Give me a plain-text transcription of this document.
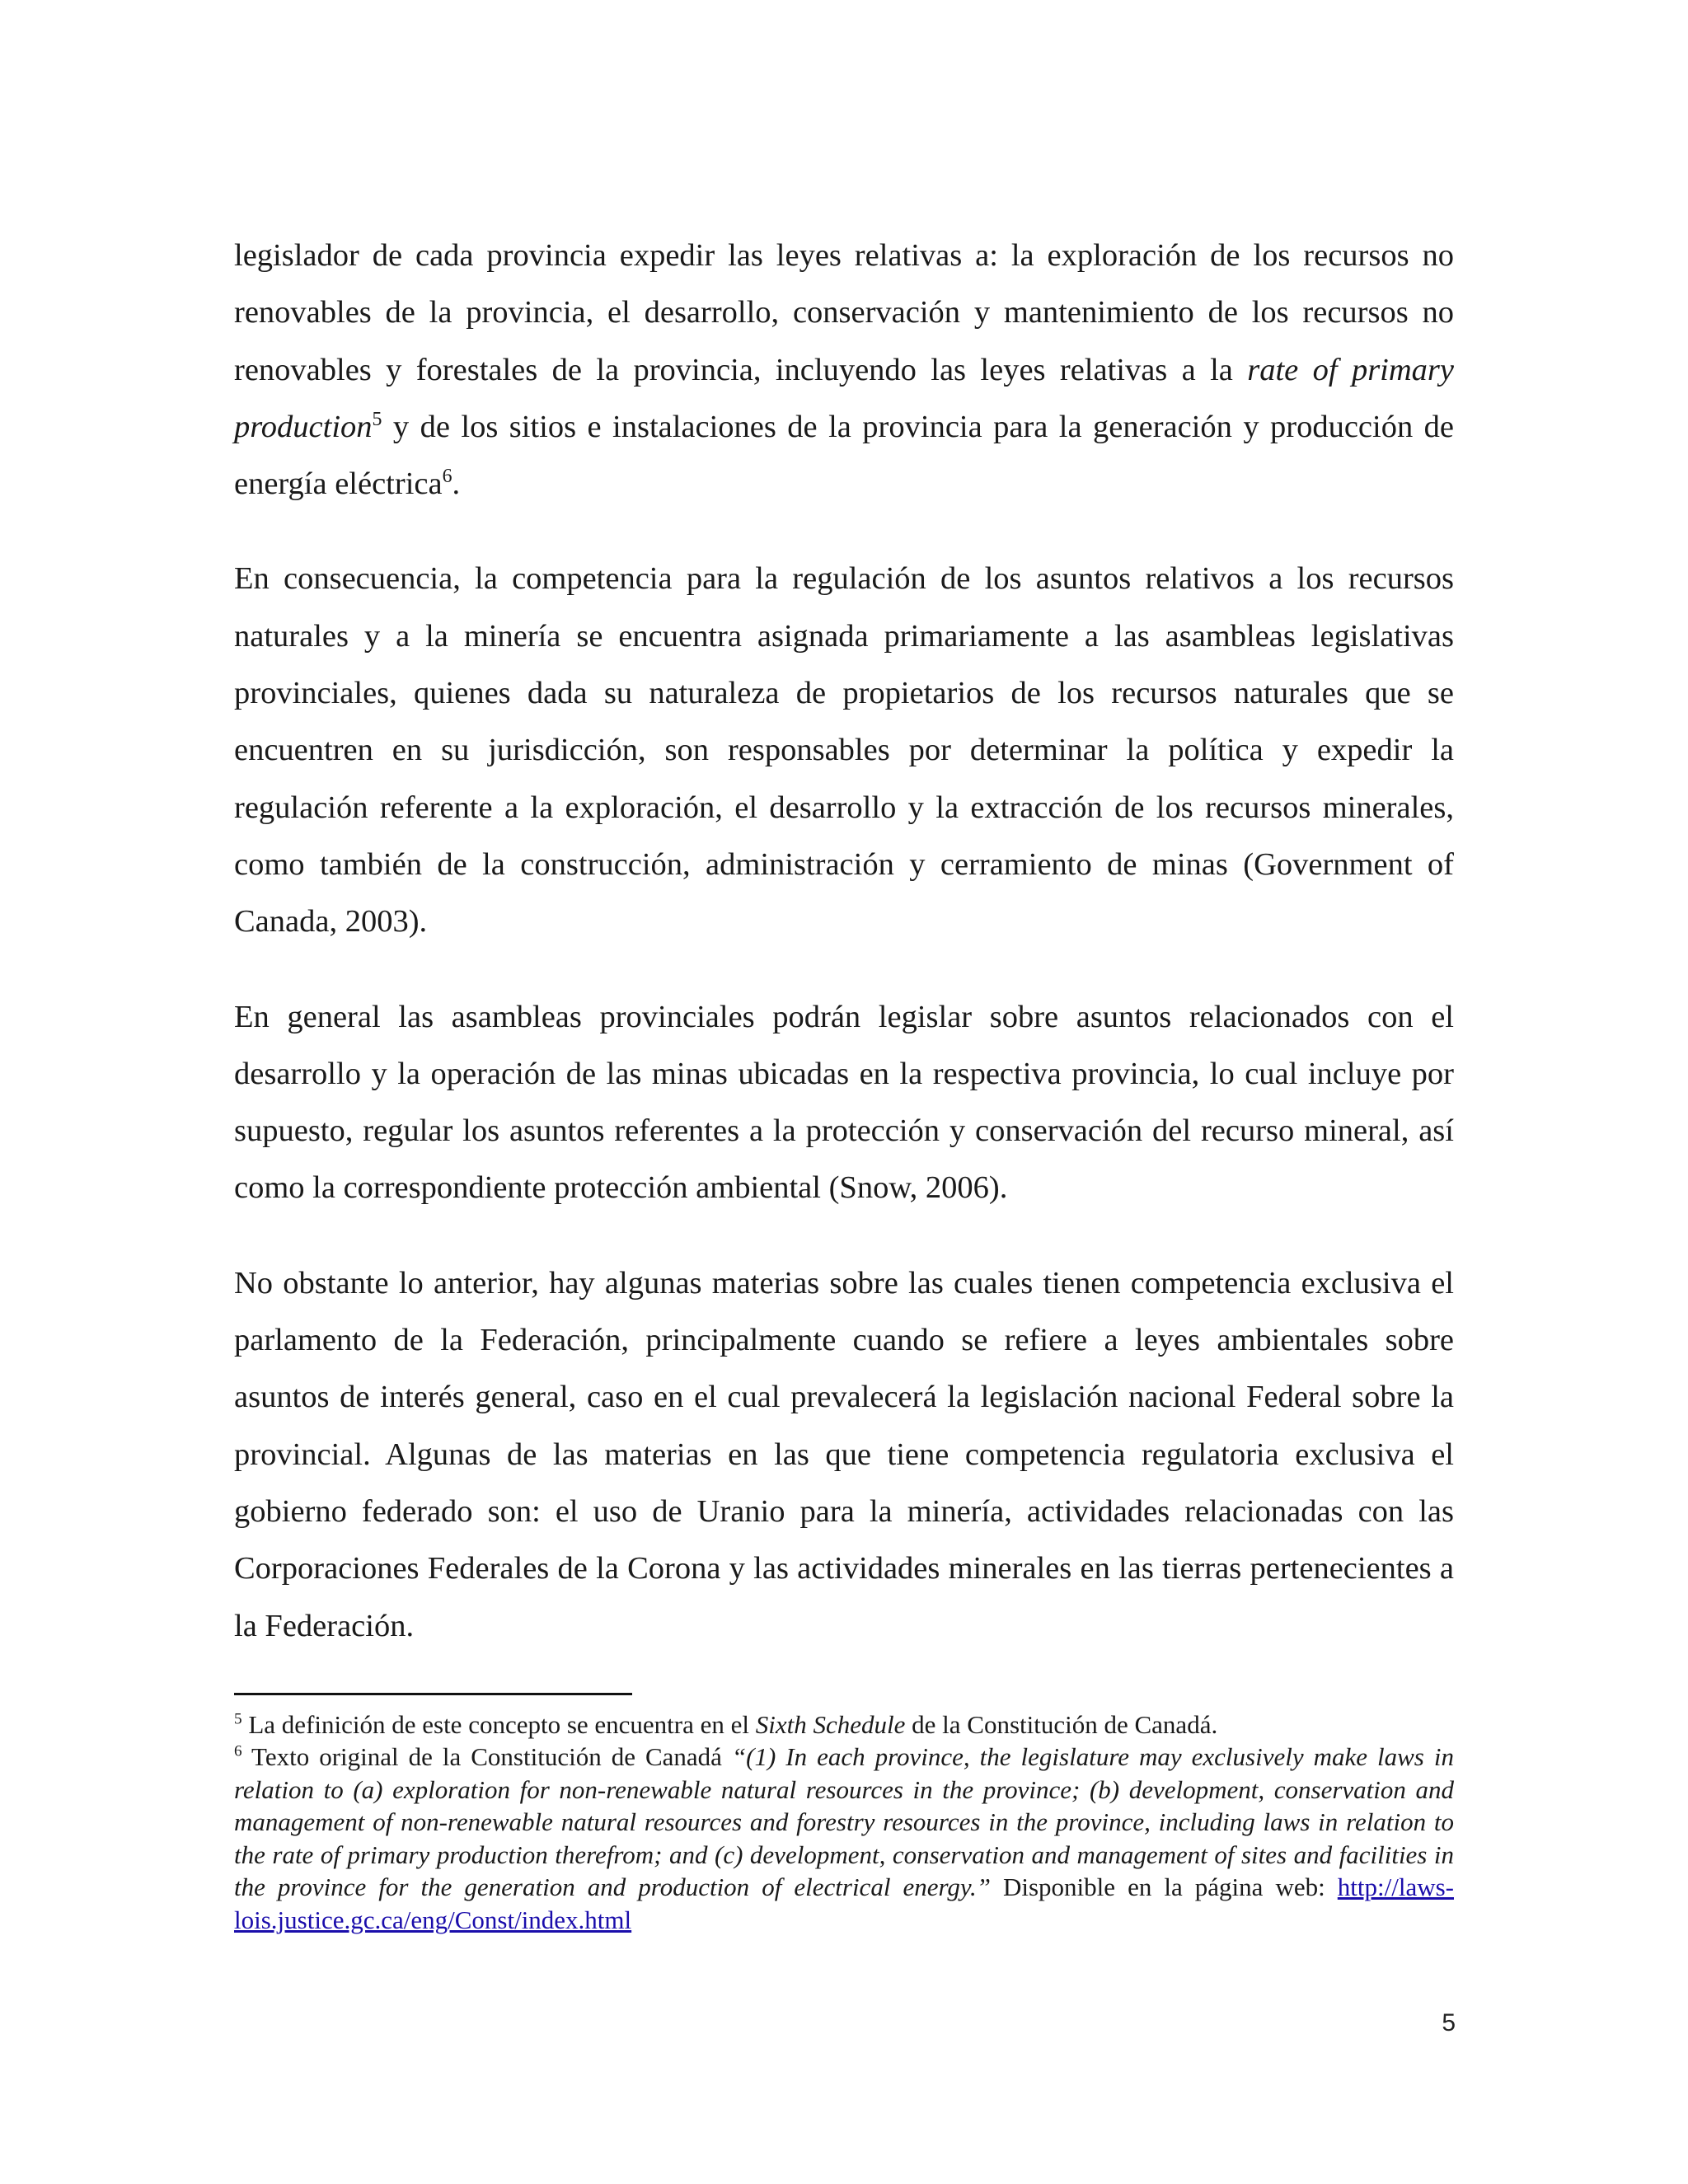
legislador de cada provincia expedir las leyes relativas a: la exploración de los recursos no renovables de la provincia, el desarrollo, conservación y mantenimiento de los recursos no renovables y forestales de la provincia, incluyendo las leyes relativas a la rate of primary production$^5$ y de los sitios e instalaciones de la provincia para la generación y producción de energía eléctrica$^6$.

En consecuencia, la competencia para la regulación de los asuntos relativos a los recursos naturales y a la minería se encuentra asignada primariamente a las asambleas legislativas provinciales, quienes dada su naturaleza de propietarios de los recursos naturales que se encuentren en su jurisdicción, son responsables por determinar la política y expedir la regulación referente a la exploración, el desarrollo y la extracción de los recursos minerales, como también de la construcción, administración y cerramiento de minas (Government of Canada, 2003).

En general las asambleas provinciales podrán legislar sobre asuntos relacionados con el desarrollo y la operación de las minas ubicadas en la respectiva provincia, lo cual incluye por supuesto, regular los asuntos referentes a la protección y conservación del recurso mineral, así como la correspondiente protección ambiental (Snow, 2006).

No obstante lo anterior, hay algunas materias sobre las cuales tienen competencia exclusiva el parlamento de la Federación, principalmente cuando se refiere a leyes ambientales sobre asuntos de interés general, caso en el cual prevalecerá la legislación nacional Federal sobre la provincial. Algunas de las materias en las que tiene competencia regulatoria exclusiva el gobierno federado son: el uso de Uranio para la minería, actividades relacionadas con las Corporaciones Federales de la Corona y las actividades minerales en las tierras pertenecientes a la Federación.

$^5$ La definición de este concepto se encuentra en el Sixth Schedule de la Constitución de Canadá.

$^6$ Texto original de la Constitución de Canadá “(1) In each province, the legislature may exclusively make laws in relation to (a) exploration for non-renewable natural resources in the province; (b) development, conservation and management of non-renewable natural resources and forestry resources in the province, including laws in relation to the rate of primary production therefrom; and (c) development, conservation and management of sites and facilities in the province for the generation and production of electrical energy.” Disponible en la página web: http://laws-lois.justice.gc.ca/eng/Const/index.html

5
